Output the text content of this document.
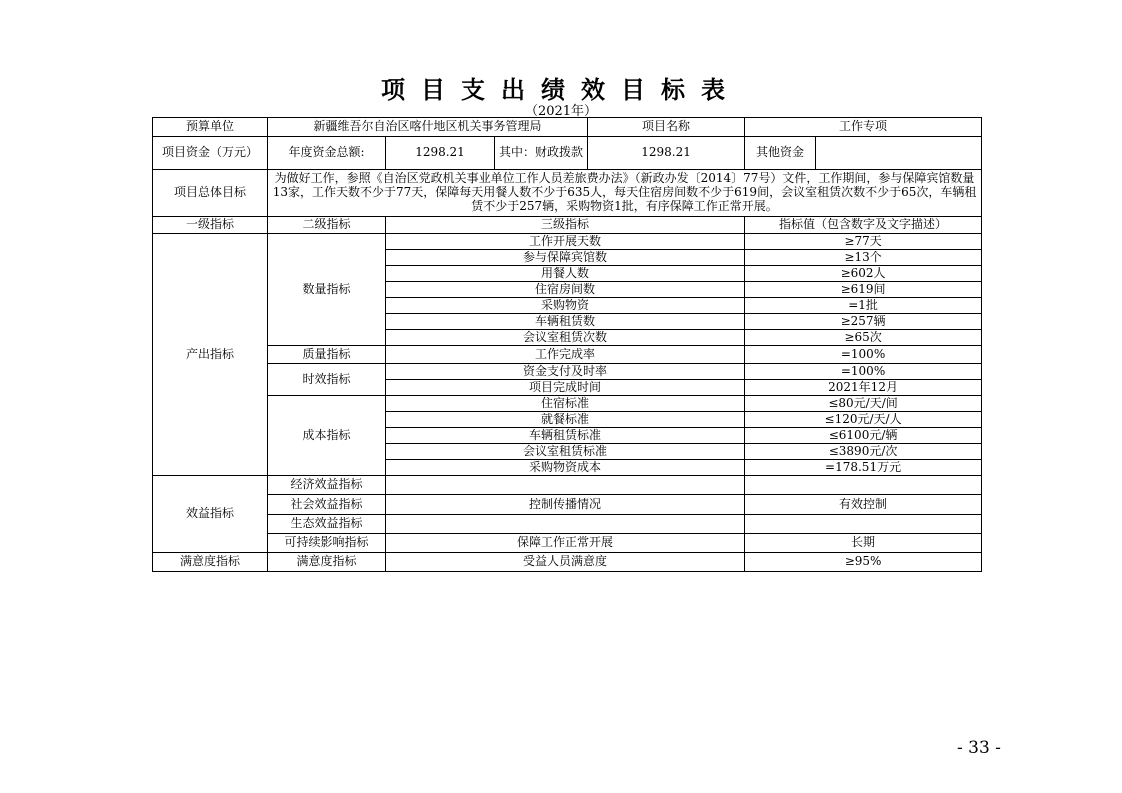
项目支出绩效目标表
（2021年）
预算单位	新疆维吾尔自治区喀什地区机关事务管理局			项目名称	工作专项	
项目资金（万元）	年度资金总额:	1298.21	其中：财政拨款	1298.21	其他资金	
项目总体目标	为做好工作，参照《自治区党政机关事业单位工作人员差旅费办法》（新政办发〔2014〕77号）文件，工作期间，参与保障宾馆数量13家，工作天数不少于77天，保障每天用餐人数不少于635人，每天住宿房间数不少于619间，会议室租赁次数不少于65次，车辆租赁不少于257辆，采购物资1批，有序保障工作正常开展。					
一级指标	二级指标	三级指标			指标值（包含数字及文字描述）	
产出指标	数量指标	工作开展天数			≥77天	
		参与保障宾馆数			≥13个	
		用餐人数			≥602人	
		住宿房间数			≥619间	
		采购物资			=1批	
		车辆租赁数			≥257辆	
		会议室租赁次数			≥65次	
	质量指标	工作完成率			=100%	
	时效指标	资金支付及时率			=100%	
		项目完成时间			2021年12月	
	成本指标	住宿标准			≤80元/天/间	
		就餐标准			≤120元/天/人	
		车辆租赁标准			≤6100元/辆	
		会议室租赁标准			≤3890元/次	
		采购物资成本			=178.51万元	
效益指标	经济效益指标					
	社会效益指标	控制传播情况			有效控制	
	生态效益指标					
	可持续影响指标	保障工作正常开展			长期	
满意度指标	满意度指标	受益人员满意度			≥95%	
- 33 -
